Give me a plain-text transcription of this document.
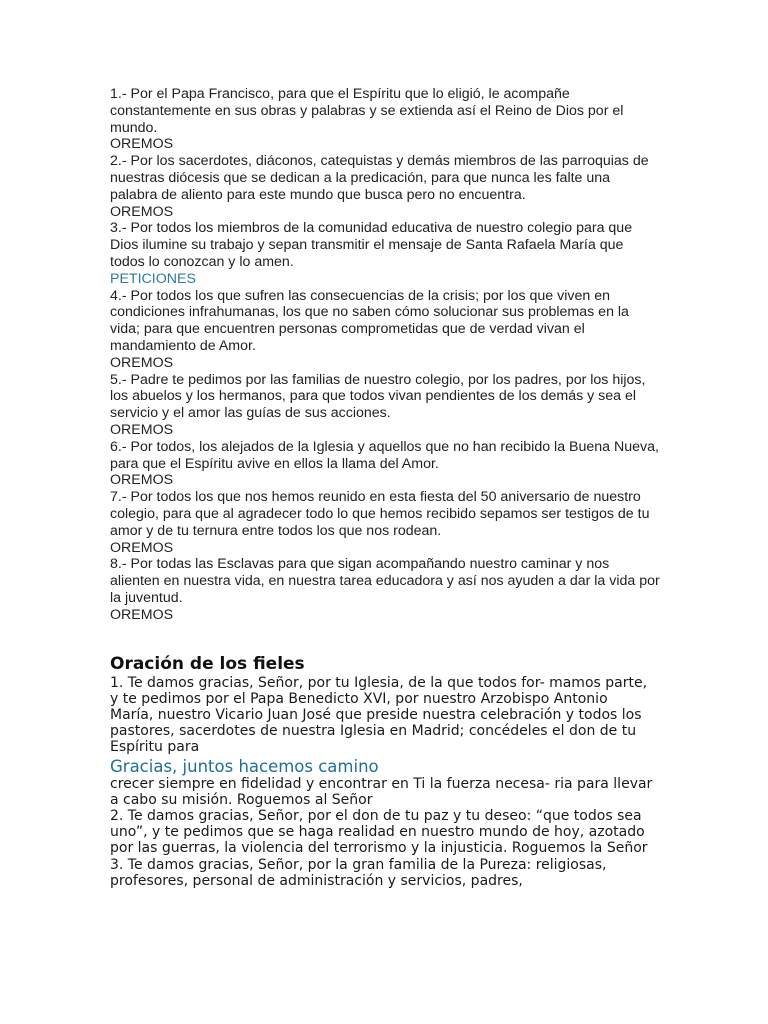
1.- Por el Papa Francisco, para que el Espíritu que lo eligió, le acompañe constantemente en sus obras y palabras y se extienda así el Reino de Dios por el mundo.

OREMOS

2.- Por los sacerdotes, diáconos, catequistas y demás miembros de las parroquias de nuestras diócesis que se dedican a la predicación, para que nunca les falte una palabra de aliento para este mundo que busca pero no encuentra.

OREMOS

3.- Por todos los miembros de la comunidad educativa de nuestro colegio para que Dios ilumine su trabajo y sepan transmitir el mensaje de Santa Rafaela María que todos lo conozcan y lo amen.

PETICIONES

4.- Por todos los que sufren las consecuencias de la crisis; por los que viven en condiciones infrahumanas, los que no saben cómo solucionar sus problemas en la vida; para que encuentren personas comprometidas que de verdad vivan el mandamiento de Amor.

OREMOS

5.- Padre te pedimos por las familias de nuestro colegio, por los padres, por los hijos, los abuelos y los hermanos, para que todos vivan pendientes de los demás y sea el servicio y el amor las guías de sus acciones.

OREMOS

6.- Por todos, los alejados de la Iglesia y aquellos que no han recibido la Buena Nueva, para que el Espíritu avive en ellos la llama del Amor.

OREMOS

7.- Por todos los que nos hemos reunido en esta fiesta del 50 aniversario de nuestro colegio, para que al agradecer todo lo que hemos recibido sepamos ser testigos de tu amor y de tu ternura entre todos los que nos rodean.

OREMOS

8.- Por todas las Esclavas para que sigan acompañando nuestro caminar y nos alienten en nuestra vida, en nuestra tarea educadora y así nos ayuden a dar la vida por la juventud.

OREMOS

Oración de los fieles

1. Te damos gracias, Señor, por tu Iglesia, de la que todos for- mamos parte, y te pedimos por el Papa Benedicto XVI, por nuestro Arzobispo Antonio María, nuestro Vicario Juan José que preside nuestra celebración y todos los pastores, sacerdotes de nuestra Iglesia en Madrid; concédeles el don de tu Espíritu para

Gracias, juntos hacemos camino

crecer siempre en fidelidad y encontrar en Ti la fuerza necesa- ria para llevar a cabo su misión. Roguemos al Señor

2. Te damos gracias, Señor, por el don de tu paz y tu deseo: “que todos sea uno”, y te pedimos que se haga realidad en nuestro mundo de hoy, azotado por las guerras, la violencia del terrorismo y la injusticia. Roguemos la Señor

3. Te damos gracias, Señor, por la gran familia de la Pureza: religiosas, profesores, personal de administración y servicios, padres,
